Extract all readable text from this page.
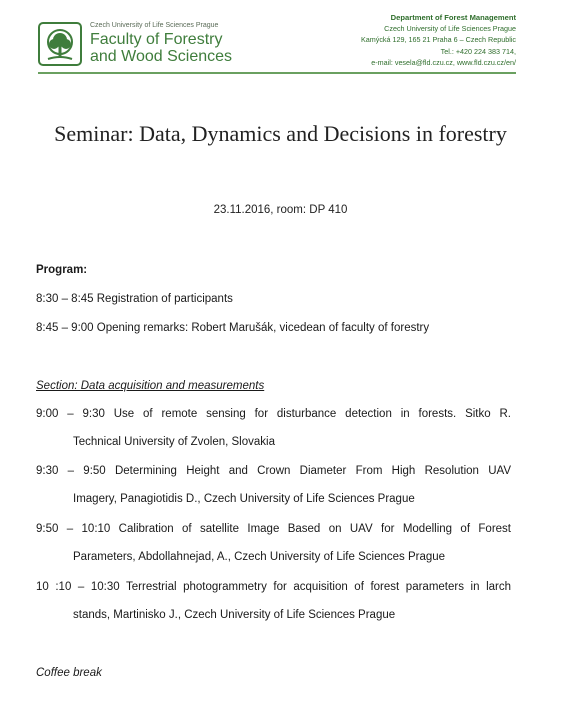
Czech University of Life Sciences Prague
Faculty of Forestry
and Wood Sciences
Department of Forest Management
Czech University of Life Sciences Prague
Kamýcká 129, 165 21 Praha 6 – Czech Republic
Tel.: +420 224 383 714,
e-mail: vesela@fld.czu.cz, www.fld.czu.cz/en/
Seminar: Data, Dynamics and Decisions in forestry
23.11.2016, room: DP 410
Program:
8:30 – 8:45 Registration of participants
8:45 – 9:00 Opening remarks: Robert Marušák, vicedean of faculty of forestry
Section: Data acquisition and measurements
9:00 – 9:30 Use of remote sensing for disturbance detection in forests. Sitko R.
Technical University of Zvolen, Slovakia
9:30 – 9:50 Determining Height and Crown Diameter From High Resolution UAV
Imagery, Panagiotidis D., Czech University of Life Sciences Prague
9:50 – 10:10 Calibration of satellite Image Based on UAV for Modelling of Forest
Parameters, Abdollahnejad, A., Czech University of Life Sciences Prague
10 :10 – 10:30 Terrestrial photogrammetry for acquisition of forest parameters in larch
stands, Martinisko J., Czech University of Life Sciences Prague
Coffee break
